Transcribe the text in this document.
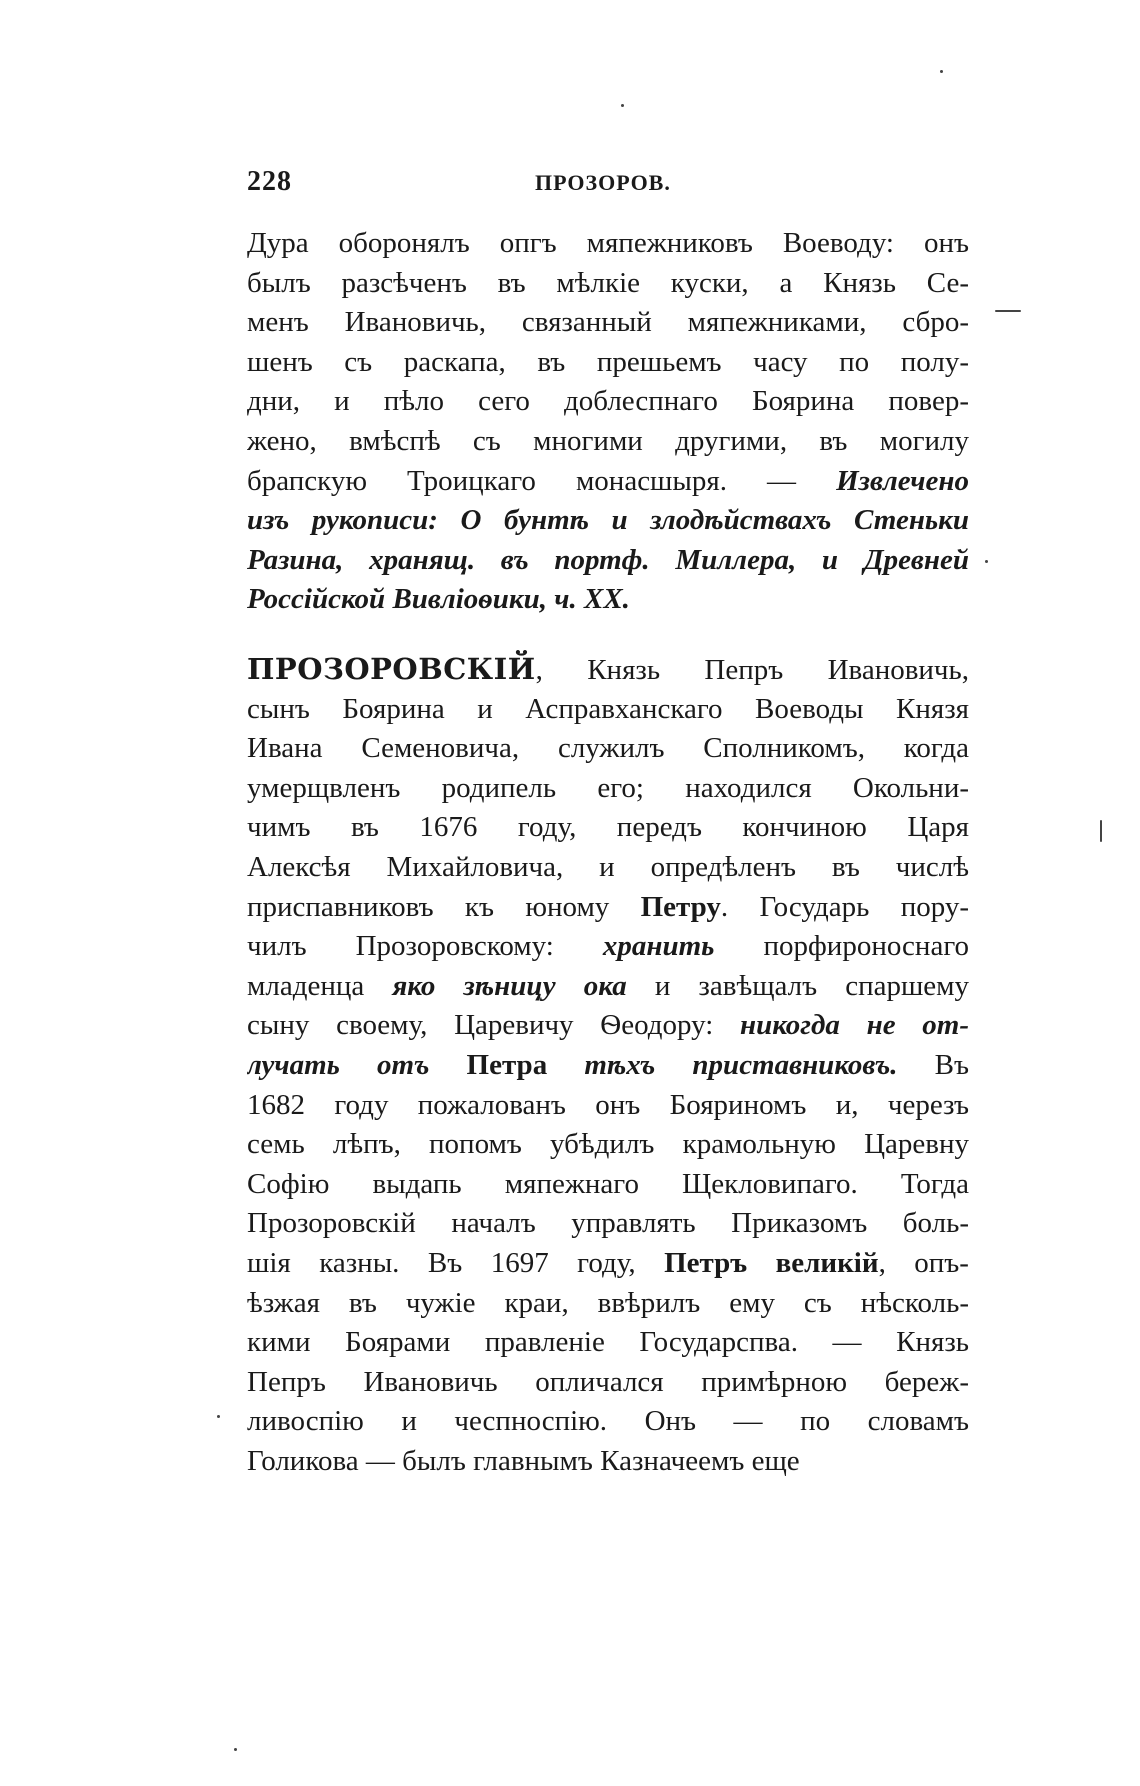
228	ПРОЗОРОВ.
Дура оборонялъ опгъ мяпежниковъ Воеводу: онъ
былъ разсѣченъ въ мѣлкіе куски, а Князь Се-
менъ Ивановичь, связанный мяпежниками, сбро-
шенъ съ раскапа, въ прешьемъ часу по полу-
дни, и пѣло сего доблеспнаго Боярина повер-
жено, вмѣспѣ съ многими другими, въ могилу
брапскую Троицкаго монасшыря. — Извлечено
изъ рукописи: О бунтѣ и злодѣйствахъ Стеньки
Разина, хранящ. въ портф. Миллера, и Древней
Россійской Вивліоѳики, ч. XX.
ПРОЗОРОВСКІЙ, Князь Пепръ Ивановичь,
сынъ Боярина и Асправханскаго Воеводы Князя
Ивана Семеновича, служилъ Сполникомъ, когда
умерщвленъ родипель его; находился Окольни-
чимъ въ 1676 году, передъ кончиною Царя
Алексѣя Михайловича, и опредѣленъ въ числѣ
приспавниковъ къ юному Петру. Государь пору-
чилъ Прозоровскому: хранить порфироноснаго
младенца яко зѣницу ока и завѣщалъ спаршему
сыну своему, Царевичу Ѳеодору: никогда не от-
лучать отъ Петра тѣхъ приставниковъ. Въ
1682 году пожалованъ онъ Бояриномъ и, черезъ
семь лѣпъ, попомъ убѣдилъ крамольную Царевну
Софію выдапь мяпежнаго Щекловипаго. Тогда
Прозоровскій началъ управлять Приказомъ боль-
шія казны. Въ 1697 году, Петръ великій, опъ-
ѣзжая въ чужіе краи, ввѣрилъ ему съ нѣсколь-
кими Боярами правленіе Государспва. — Князь
Пепръ Ивановичь опличался примѣрною береж-
ливоспію и чеспноспію. Онъ — по словамъ
Голикова — былъ главнымъ Казначеемъ еще
